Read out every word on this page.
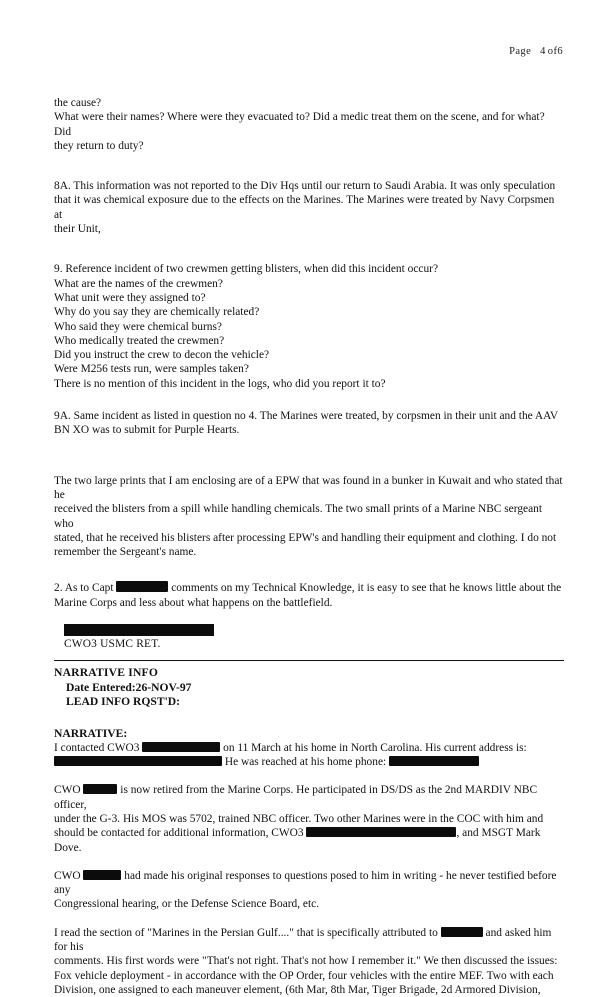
Page 4 of6

the cause?

What were their names? Where were they evacuated to? Did a medic treat them on the scene, and for what? Did

they return to duty?

8A. This information was not reported to the Div Hqs until our return to Saudi Arabia. It was only speculation

that it was chemical exposure due to the effects on the Marines. The Marines were treated by Navy Corpsmen at

their Unit,

9. Reference incident of two crewmen getting blisters, when did this incident occur?

What are the names of the crewmen?

What unit were they assigned to?

Why do you say they are chemically related?

Who said they were chemical burns?

Who medically treated the crewmen?

Did you instruct the crew to decon the vehicle?

Were M256 tests run, were samples taken?

There is no mention of this incident in the logs, who did you report it to?

9A. Same incident as listed in question no 4. The Marines were treated, by corpsmen in their unit and the AAV

BN XO was to submit for Purple Hearts.

The two large prints that I am enclosing are of a EPW that was found in a bunker in Kuwait and who stated that he

received the blisters from a spill while handling chemicals. The two small prints of a Marine NBC sergeant who

stated, that he received his blisters after processing EPW's and handling their equipment and clothing. I do not

remember the Sergeant's name.

2. As to Capt	comments on my Technical Knowledge, it is easy to see that he knows little about the

Marine Corps and less about what happens on the battlefield.

CWO3 USMC RET.
NARRATIVE INFO
Date Entered:26-NOV-97
LEAD INFO RQST'D:
NARRATIVE:

I contacted CWO3	on 11 March at his home in North Carolina. His current address is:

He was reached at his home phone:

CWO	is now retired from the Marine Corps. He participated in DS/DS as the 2nd MARDIV NBC officer,

under the G-3. His MOS was 5702, trained NBC officer. Two other Marines were in the COC with him and

should be contacted for additional information, CWO3	, and MSGT Mark

Dove.

CWO	had made his original responses to questions posed to him in writing - he never testified before any

Congressional hearing, or the Defense Science Board, etc.

I read the section of "Marines in the Persian Gulf...." that is specifically attributed to	and asked him for his

comments. His first words were "That's not right. That's not how I remember it." We then discussed the issues:

Fox vehicle deployment - in accordance with the OP Order, four vehicles with the entire MEF. Two with each

Division, one assigned to each maneuver element, (6th Mar, 8th Mar, Tiger Brigade, 2d Armored Division,
